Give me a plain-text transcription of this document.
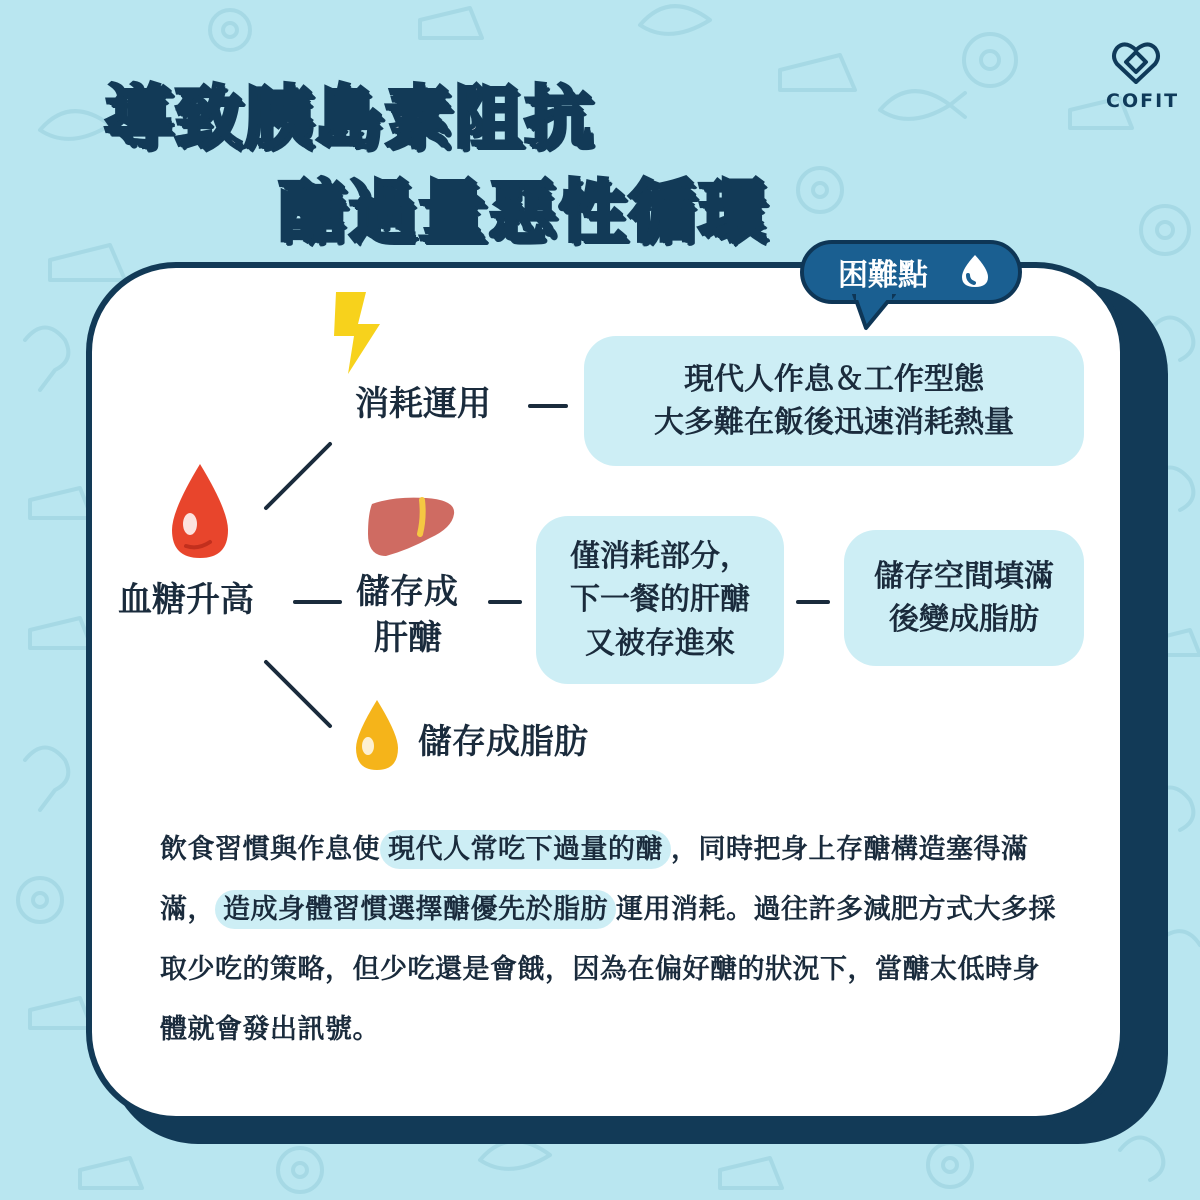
COFIT
導致胰島素阻抗
醣過量惡性循環
困難點
血糖升高
消耗運用
儲存成
肝醣
儲存成脂肪
現代人作息＆工作型態
大多難在飯後迅速消耗熱量
僅消耗部分，
下一餐的肝醣
又被存進來
儲存空間填滿
後變成脂肪
飲食習慣與作息使 現代人常吃下過量的醣 ，同時把身上存醣構造塞得滿滿， 造成身體習慣選擇醣優先於脂肪 運用消耗。過往許多減肥方式大多採取少吃的策略，但少吃還是會餓，因為在偏好醣的狀況下，當醣太低時身體就會發出訊號。
